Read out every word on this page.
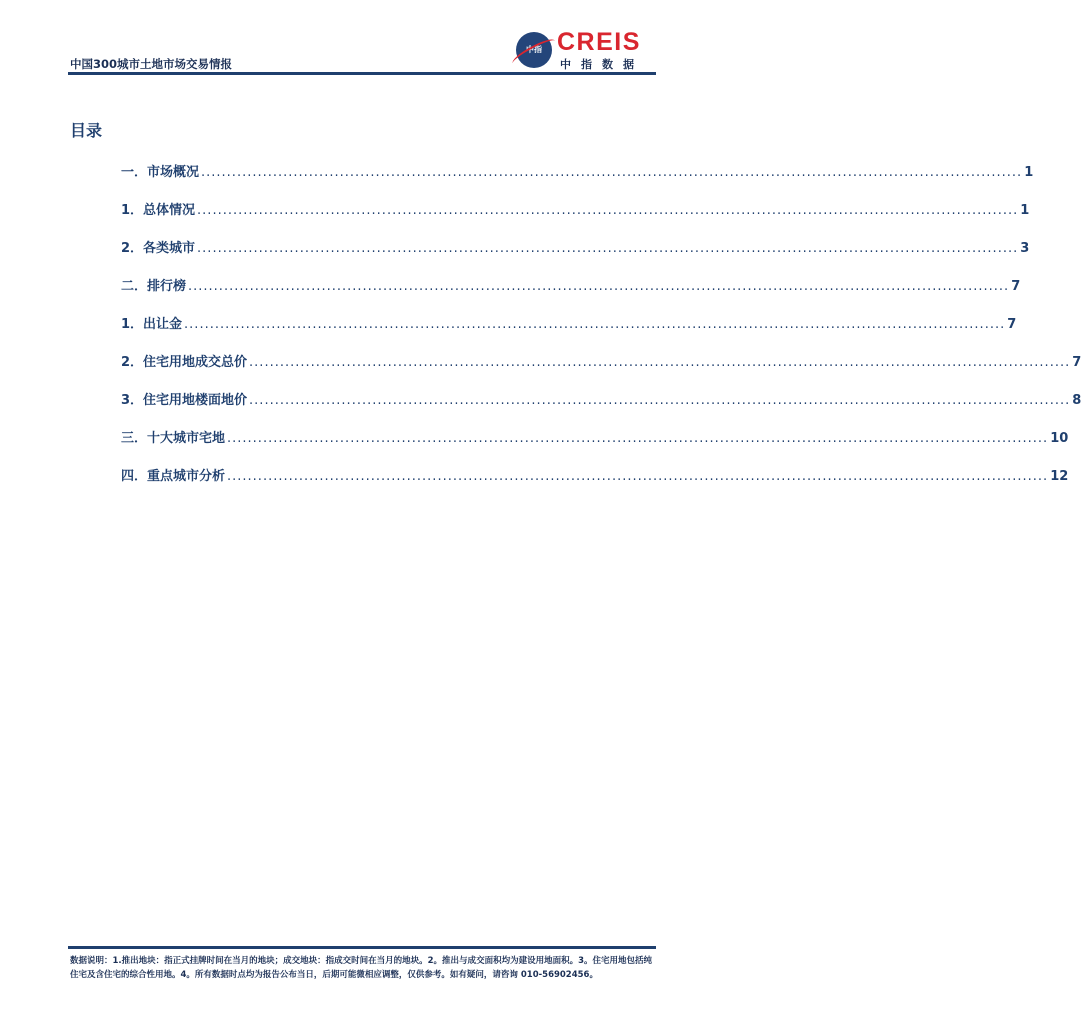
中国300城市土地市场交易情报
中指 CREIS
中指数据
目录
一．市场概况 ................................................................................................................................................................ 1
1．总体情况 ................................................................................................................................................................ 1
2．各类城市 ................................................................................................................................................................ 3
二．排行榜 ................................................................................................................................................................ 7
1．出让金 ................................................................................................................................................................ 7
2．住宅用地成交总价 ................................................................................................................................................................ 7
3．住宅用地楼面地价 ................................................................................................................................................................ 8
三．十大城市宅地 ................................................................................................................................................................ 10
四．重点城市分析 ................................................................................................................................................................ 12
数据说明：1.推出地块：指正式挂牌时间在当月的地块；成交地块：指成交时间在当月的地块。2。推出与成交面积均为建设用地面积。3。住宅用地包括纯住宅及含住宅的综合性用地。4。所有数据时点均为报告公布当日，后期可能微相应调整，仅供参考。如有疑问，请咨询 010-56902456。
